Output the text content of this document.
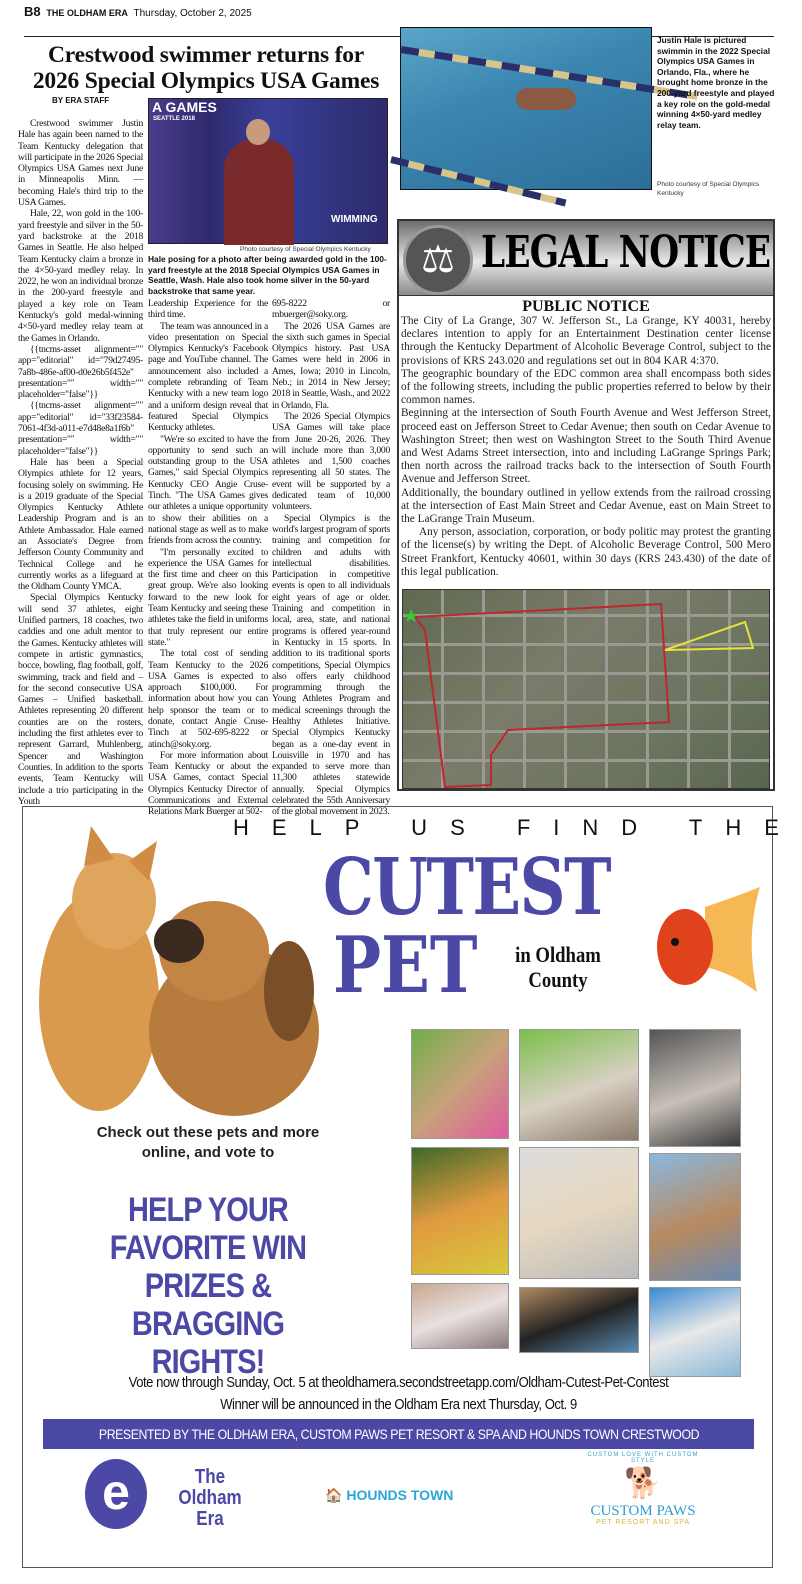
B8 THE OLDHAM ERA Thursday, October 2, 2025
Crestwood swimmer returns for
2026 Special Olympics USA Games
BY ERA STAFF	A GAMES
SEATTLE 2018
WIMMING
Photo courtesy of Special Olympics Kentucky
Hale posing for a photo after being awarded gold in the 100-yard freestyle at the 2018 Special Olympics USA Games in Seattle, Wash. Hale also took home silver in the 50-yard backstroke that same year.

Crestwood swimmer Justin Hale has again been named to the Team Kentucky delegation that will participate in the 2026 Special Olympics USA Games next June in Minneapolis Minn. — becoming Hale's third trip to the USA Games.

Hale, 22, won gold in the 100-yard freestyle and silver in the 50-yard backstroke at the 2018 Games in Seattle. He also helped Team Kentucky claim a bronze in the 4×50-yard medley relay. In 2022, he won an individual bronze in the 200-yard freestyle and played a key role on Team Kentucky's gold medal-winning 4×50-yard medley relay team at the Games in Orlando.

{{tncms-asset alignment="" app="editorial" id="79d27495-7a8b-486e-af00-d0e26b5f452e" presentation="" width="" placeholder="false"}}

{{tncms-asset alignment="" app="editorial" id="33f23584-7061-4f3d-a011-e7d48e8a1f6b" presentation="" width="" placeholder="false"}}

Hale has been a Special Olympics athlete for 12 years, focusing solely on swimming. He is a 2019 graduate of the Special Olympics Kentucky Athlete Leadership Program and is an Athlete Ambassador. Hale earned an Associate's Degree from Jefferson County Community and Technical College and he currently works as a lifeguard at the Oldham County YMCA.

Special Olympics Kentucky will send 37 athletes, eight Unified partners, 18 coaches, two caddies and one adult mentor to the Games. Kentucky athletes will compete in artistic gymnastics, bocce, bowling, flag football, golf, swimming, track and field and – for the second consecutive USA Games – Unified basketball. Athletes representing 20 different counties are on the rosters, including the first athletes ever to represent Garrard, Muhlenberg, Spencer and Washington Counties. In addition to the sports events, Team Kentucky will include a trio participating in the Youth

Leadership Experience for the third time.

The team was announced in a video presentation on Special Olympics Kentucky's Facebook page and YouTube channel. The announcement also included a complete rebranding of Team Kentucky with a new team logo and a uniform design reveal that featured Special Olympics Kentucky athletes.

"We're so excited to have the opportunity to send such an outstanding group to the USA Games," said Special Olympics Kentucky CEO Angie Cruse-Tinch. "The USA Games gives our athletes a unique opportunity to show their abilities on a national stage as well as to make friends from across the country.

"I'm personally excited to experience the USA Games for the first time and cheer on this great group. We're also looking forward to the new look for Team Kentucky and seeing these athletes take the field in uniforms that truly represent our entire state."

The total cost of sending Team Kentucky to the 2026 USA Games is expected to approach $100,000. For information about how you can help sponsor the team or to donate, contact Angie Cruse-Tinch at 502-695-8222 or atinch@soky.org.

For more information about Team Kentucky or about the USA Games, contact Special Olympics Kentucky Director of Communications and External Relations Mark Buerger at 502-

695-8222 or mbuerger@soky.org.

The 2026 USA Games are the sixth such games in Special Olympics history. Past USA Games were held in 2006 in Ames, Iowa; 2010 in Lincoln, Neb.; in 2014 in New Jersey; 2018 in Seattle, Wash., and 2022 in Orlando, Fla.

The 2026 Special Olympics USA Games will take place from June 20-26, 2026. They will include more than 3,000 athletes and 1,500 coaches representing all 50 states. The event will be supported by a dedicated team of 10,000 volunteers.

Special Olympics is the world's largest program of sports training and competition for children and adults with intellectual disabilities. Participation in competitive events is open to all individuals eight years of age or older. Training and competition in local, area, state, and national programs is offered year-round in Kentucky in 15 sports. In addition to its traditional sports competitions, Special Olympics also offers early childhood programming through the Young Athletes Program and medical screenings through the Healthy Athletes Initiative. Special Olympics Kentucky began as a one-day event in Louisville in 1970 and has expanded to serve more than 11,300 athletes statewide annually. Special Olympics celebrated the 55th Anniversary of the global movement in 2023.

Justin Hale is pictured swimmin in the 2022 Special Olympics USA Games in Orlando, Fla., where he brought home bronze in the 200-yard freestyle and played a key role on the gold-medal winning 4×50-yard medley relay team.
Photo courtesy of Special Olympics Kentucky
⚖ LEGAL NOTICE
PUBLIC NOTICE

The City of La Grange, 307 W. Jefferson St., La Grange, KY 40031, hereby declares intention to apply for an Entertainment Destination center license through the Kentucky Department of Alcoholic Beverage Control, subject to the provisions of KRS 243.020 and regulations set out in 804 KAR 4:370.

The geographic boundary of the EDC common area shall encompass both sides of the following streets, including the public properties referred to below by their common names.

Beginning at the intersection of South Fourth Avenue and West Jefferson Street, proceed east on Jefferson Street to Cedar Avenue; then south on Cedar Avenue to Washington Street; then west on Washington Street to the South Third Avenue and West Adams Street intersection, into and including LaGrange Springs Park; then north across the railroad tracks back to the intersection of South Fourth Avenue and Jefferson Street.

Additionally, the boundary outlined in yellow extends from the railroad crossing at the intersection of East Main Street and Cedar Avenue, east on Main Street to the LaGrange Train Museum.

Any person, association, corporation, or body politic may protest the granting of the license(s) by writing the Dept. of Alcoholic Beverage Control, 500 Mero Street Frankfort, Kentucky 40601, within 30 days (KRS 243.430) of the date of this legal publication.

HELP US FIND THE
CUTEST
PET	in Oldham
County
Check out these pets and more online, and vote to
HELP YOUR FAVORITE WIN PRIZES & BRAGGING RIGHTS!
Vote now through Sunday, Oct. 5 at theoldhamera.secondstreetapp.com/Oldham-Cutest-Pet-Contest
Winner will be announced in the Oldham Era next Thursday, Oct. 9
PRESENTED BY THE OLDHAM ERA, CUSTOM PAWS PET RESORT & SPA AND HOUNDS TOWN CRESTWOOD
e	The
Oldham Era
🏠 HOUNDS TOWN
CUSTOM LOVE WITH CUSTOM STYLE
🐕
CUSTOM PAWS
PET RESORT AND SPA
